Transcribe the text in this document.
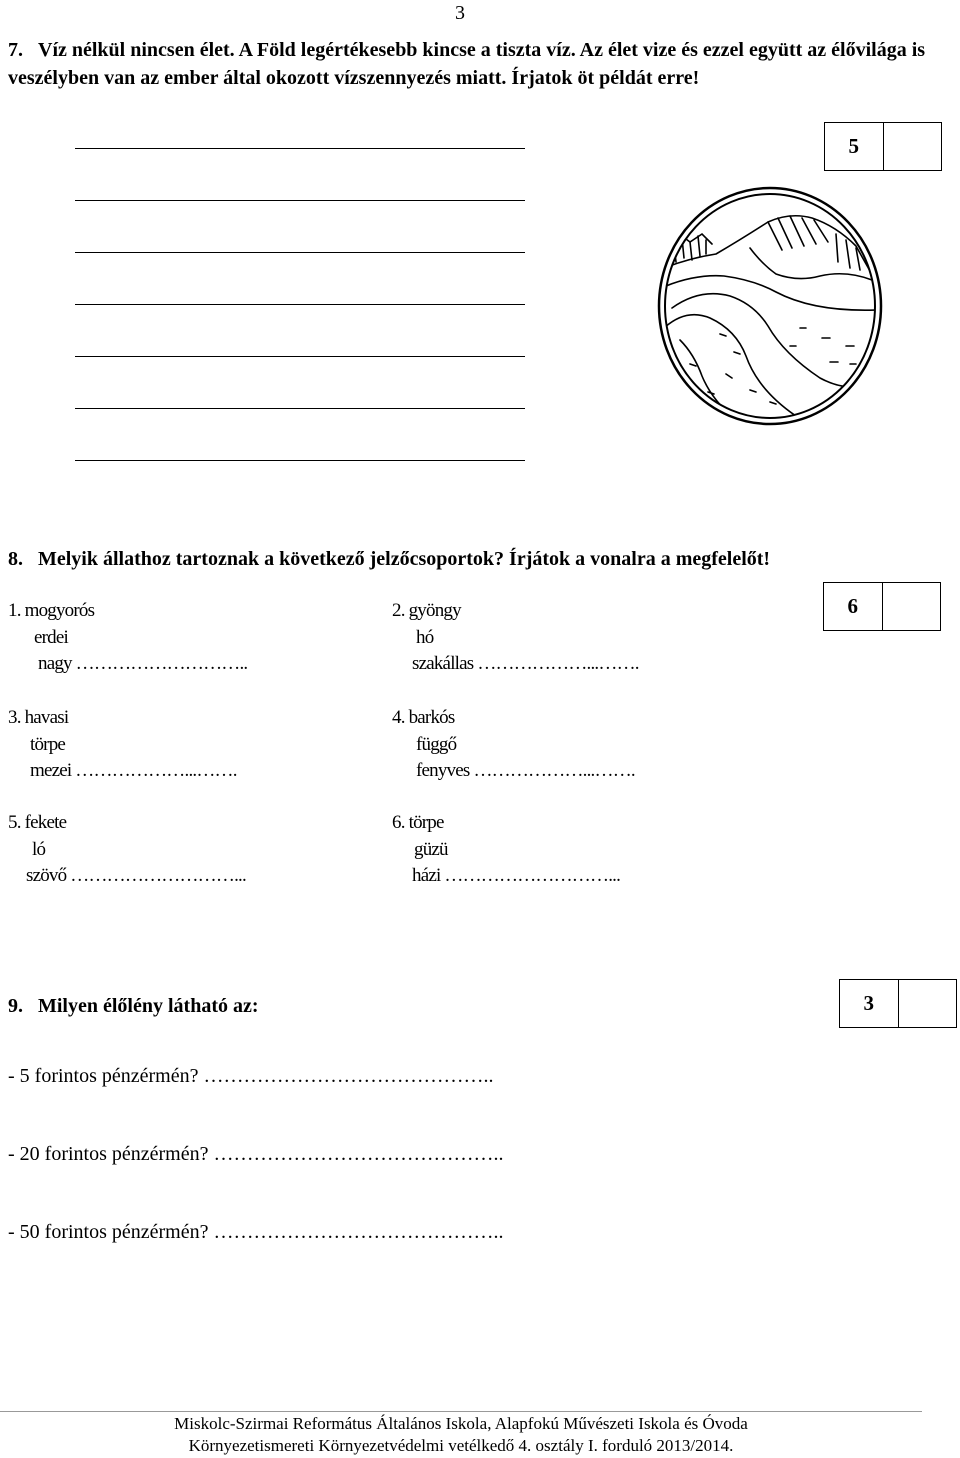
3
7. Víz nélkül nincsen élet. A Föld legértékesebb kincse a tiszta víz. Az élet vize és ezzel együtt az élővilága is veszélyben van az ember által okozott vízszennyezés miatt. Írjatok öt példát erre!
5
8. Melyik állathoz tartoznak a következő jelzőcsoportok? Írjátok a vonalra a megfelelőt!
6
1. mogyorós
erdei
nagy ………………………..
2. gyöngy
hó
szakállas ………………...…….
3. havasi
törpe
mezei ………………...…….
4. barkós
függő
fenyves ………………...…….
5. fekete
ló
szövő ………………………...
6. törpe
güzü
házi ………………………...
9. Milyen élőlény látható az:	3
- 5 forintos pénzérmén? ……………………………………..
- 20 forintos pénzérmén? ……………………………………..
- 50 forintos pénzérmén? ……………………………………..
Miskolc-Szirmai Református Általános Iskola, Alapfokú Művészeti Iskola és Óvoda
Környezetismereti Környezetvédelmi vetélkedő 4. osztály I. forduló 2013/2014.
